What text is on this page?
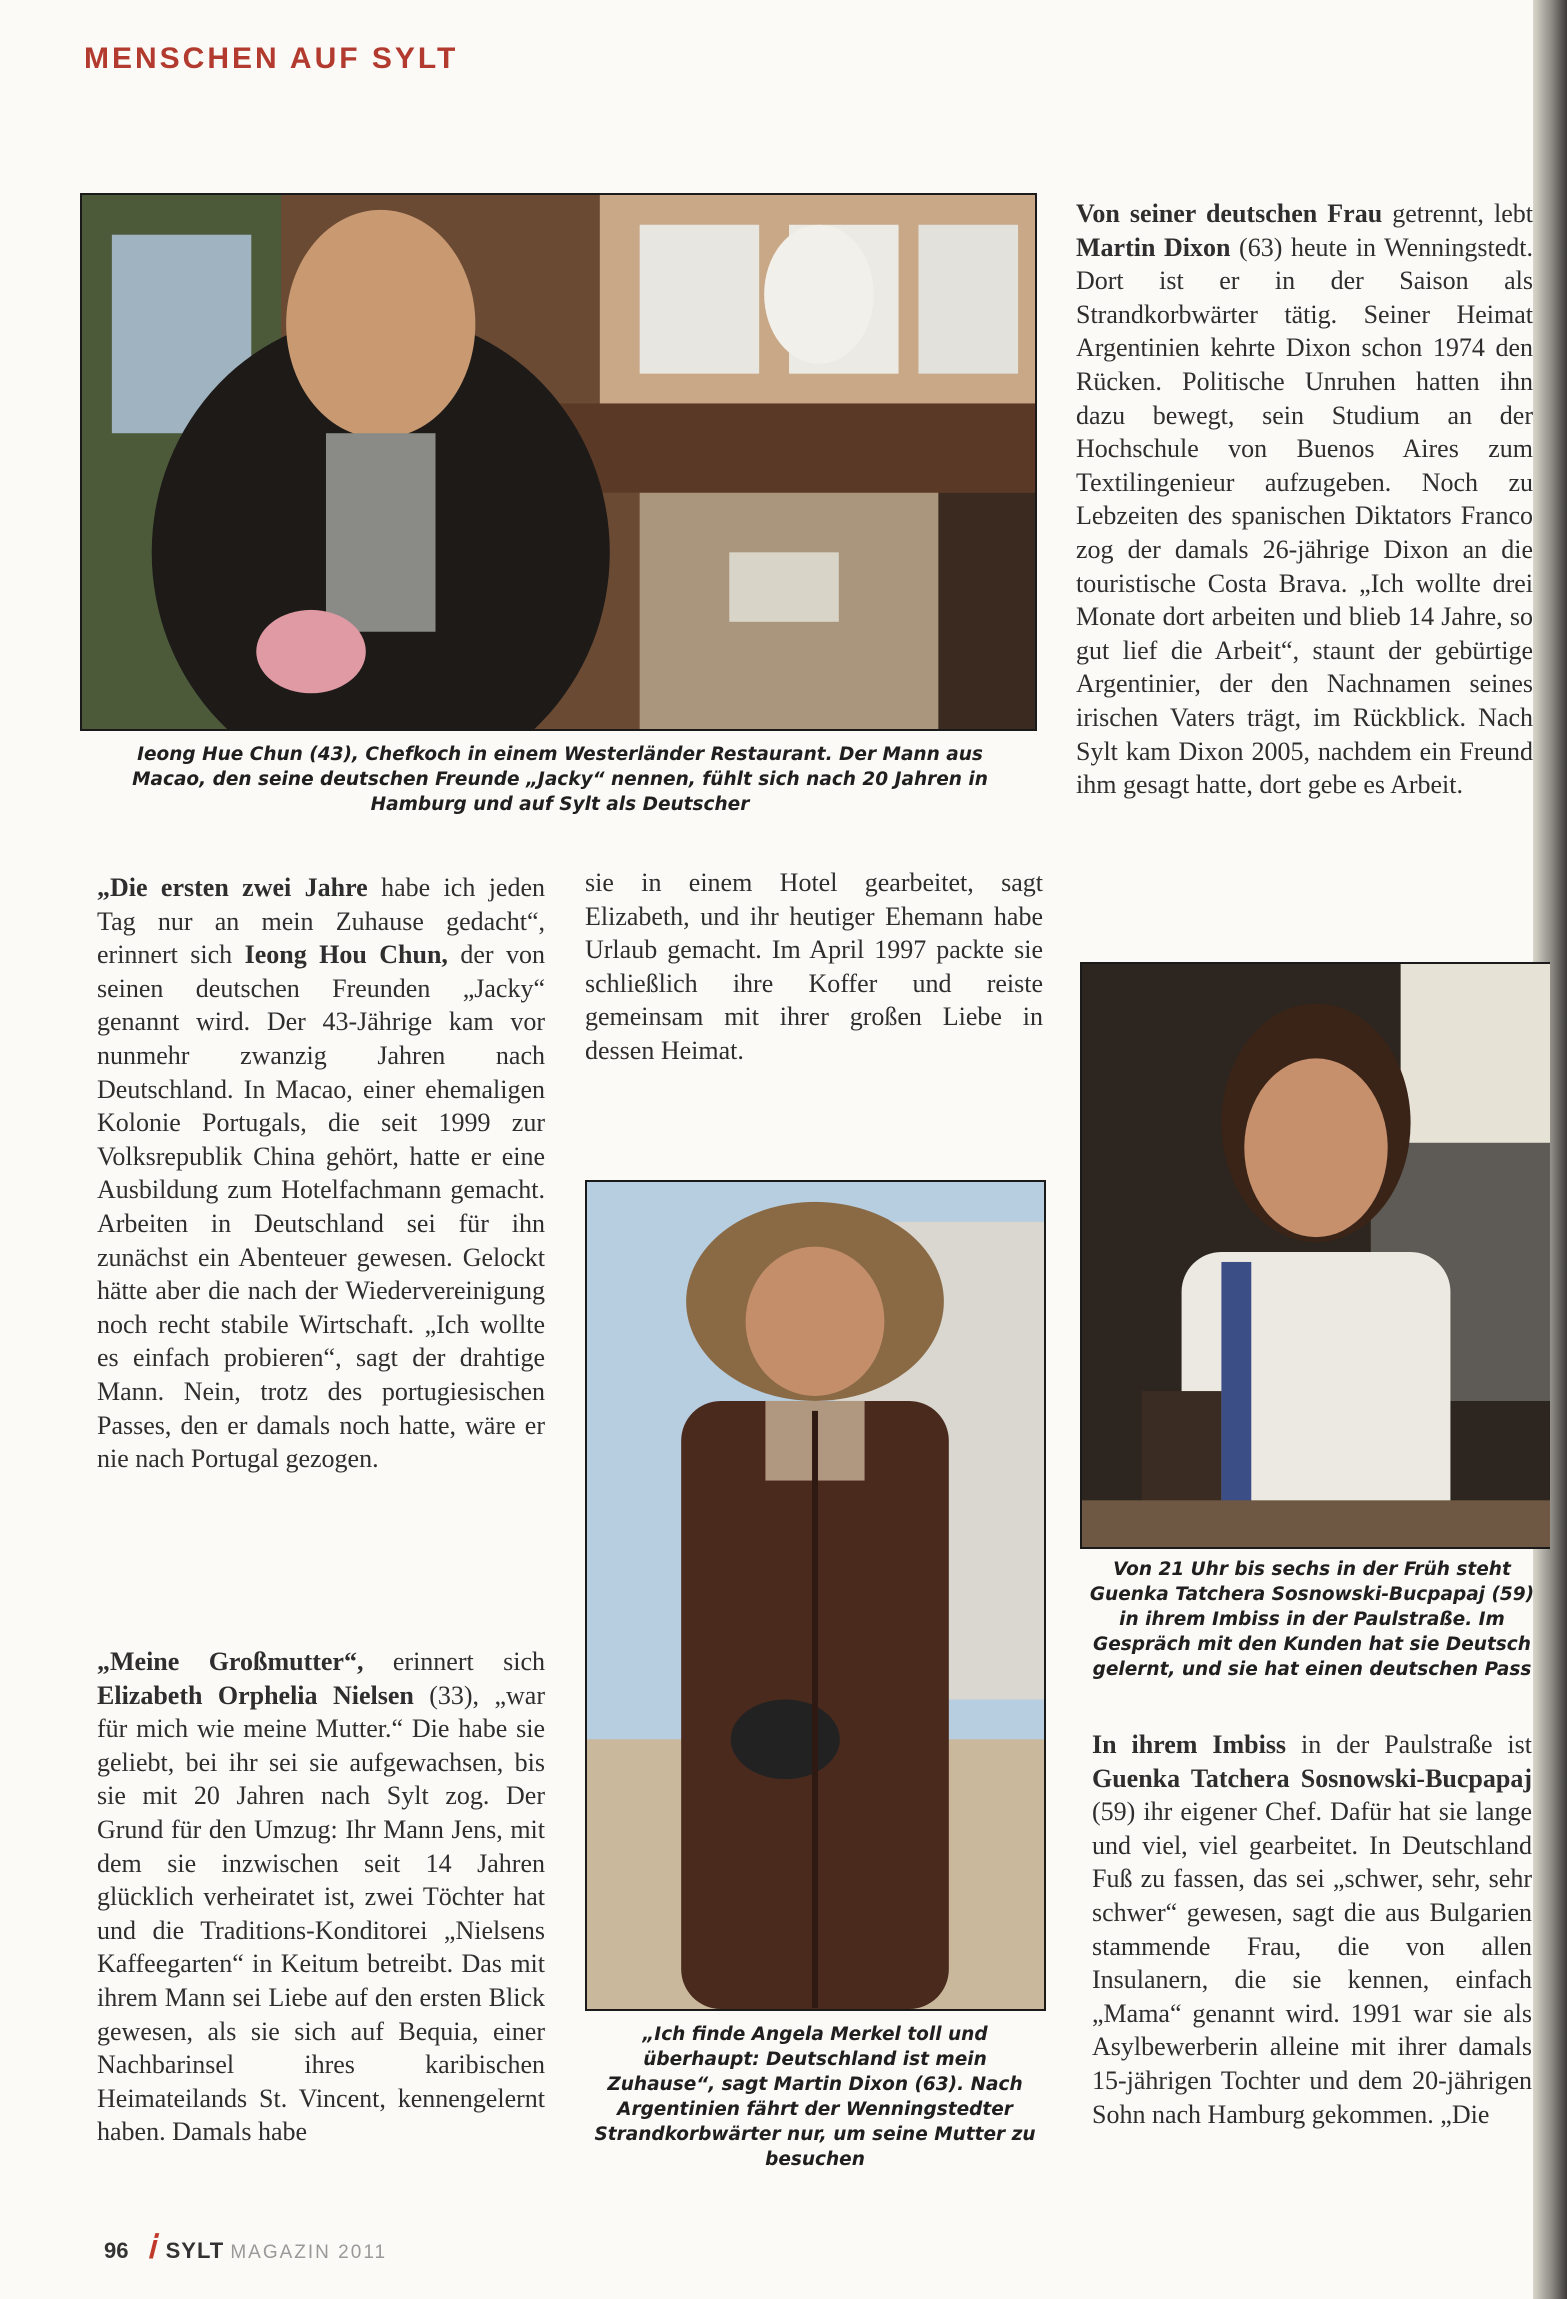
MENSCHEN AUF SYLT
Ieong Hue Chun (43), Chefkoch in einem Westerländer Restaurant. Der Mann aus Macao, den seine deutschen Freunde „Jacky“ nennen, fühlt sich nach 20 Jahren in Hamburg und auf Sylt als Deutscher

„Die ersten zwei Jahre habe ich jeden Tag nur an mein Zuhause gedacht“, erinnert sich Ieong Hou Chun, der von seinen deutschen Freunden „Jacky“ genannt wird. Der 43-Jährige kam vor nunmehr zwanzig Jahren nach Deutschland. In Macao, einer ehemaligen Kolonie Portugals, die seit 1999 zur Volksrepublik China gehört, hatte er eine Ausbildung zum Hotelfachmann gemacht. Arbeiten in Deutschland sei für ihn zunächst ein Abenteuer gewesen. Gelockt hätte aber die nach der Wiedervereinigung noch recht stabile Wirtschaft. „Ich wollte es einfach probieren“, sagt der drahtige Mann. Nein, trotz des portugiesischen Passes, den er damals noch hatte, wäre er nie nach Portugal gezogen.

„Meine Großmutter“, erinnert sich Elizabeth Orphelia Nielsen (33), „war für mich wie meine Mutter.“ Die habe sie geliebt, bei ihr sei sie aufgewachsen, bis sie mit 20 Jahren nach Sylt zog. Der Grund für den Umzug: Ihr Mann Jens, mit dem sie inzwischen seit 14 Jahren glücklich verheiratet ist, zwei Töchter hat und die Traditions-Konditorei „Nielsens Kaffeegarten“ in Keitum betreibt. Das mit ihrem Mann sei Liebe auf den ersten Blick gewesen, als sie sich auf Bequia, einer Nachbarinsel ihres karibischen Heimateilands St. Vincent, kennengelernt haben. Damals habe

sie in einem Hotel gearbeitet, sagt Elizabeth, und ihr heutiger Ehemann habe Urlaub gemacht. Im April 1997 packte sie schließlich ihre Koffer und reiste gemeinsam mit ihrer großen Liebe in dessen Heimat.

„Ich finde Angela Merkel toll und überhaupt: Deutschland ist mein Zuhause“, sagt Martin Dixon (63). Nach Argentinien fährt der Wenningstedter Strandkorbwärter nur, um seine Mutter zu besuchen

Von seiner deutschen Frau getrennt, lebt Martin Dixon (63) heute in Wenningstedt. Dort ist er in der Saison als Strandkorbwärter tätig. Seiner Heimat Argentinien kehrte Dixon schon 1974 den Rücken. Politische Unruhen hatten ihn dazu bewegt, sein Studium an der Hochschule von Buenos Aires zum Textilingenieur aufzugeben. Noch zu Lebzeiten des spanischen Diktators Franco zog der damals 26-jährige Dixon an die touristische Costa Brava. „Ich wollte drei Monate dort arbeiten und blieb 14 Jahre, so gut lief die Arbeit“, staunt der gebürtige Argentinier, der den Nachnamen seines irischen Vaters trägt, im Rückblick. Nach Sylt kam Dixon 2005, nachdem ein Freund ihm gesagt hatte, dort gebe es Arbeit.

Von 21 Uhr bis sechs in der Früh steht Guenka Tatchera Sosnowski-Bucpapaj (59) in ihrem Imbiss in der Paulstraße. Im Gespräch mit den Kunden hat sie Deutsch gelernt, und sie hat einen deutschen Pass

In ihrem Imbiss in der Paulstraße ist Guenka Tatchera Sosnowski-Bucpapaj (59) ihr eigener Chef. Dafür hat sie lange und viel, viel gearbeitet. In Deutschland Fuß zu fassen, das sei „schwer, sehr, sehr schwer“ gewesen, sagt die aus Bulgarien stammende Frau, die von allen Insulanern, die sie kennen, einfach „Mama“ genannt wird. 1991 war sie als Asylbewerberin alleine mit ihrer damals 15-jährigen Tochter und dem 20-jährigen Sohn nach Hamburg gekommen. „Die

96 ⅰ SYLT MAGAZIN 2011
